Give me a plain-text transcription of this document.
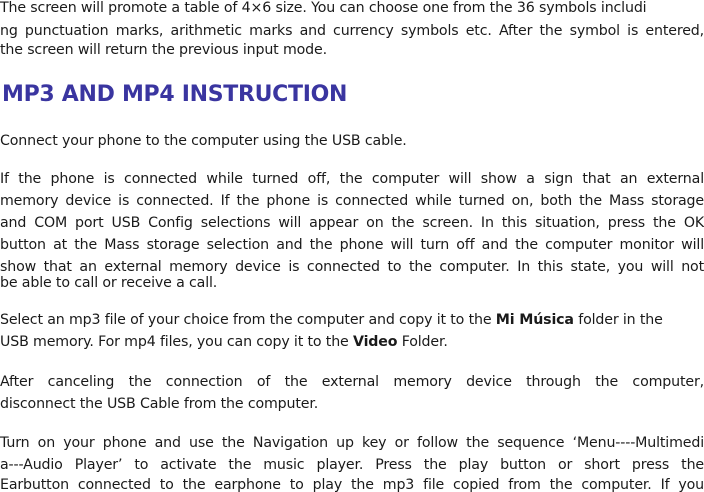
The screen will promote a table of 4×6 size. You can choose one from the 36 symbols includi
ng punctuation marks, arithmetic marks and currency symbols etc. After the symbol is entered,
the screen will return the previous input mode.
MP3 AND MP4 INSTRUCTION
Connect your phone to the computer using the USB cable.
If the phone is connected while turned off, the computer will show a sign that an external
memory device is connected. If the phone is connected while turned on, both the Mass storage
and COM port USB Config selections will appear on the screen. In this situation, press the OK
button at the Mass storage selection and the phone will turn off and the computer monitor will
show that an external memory device is connected to the computer. In this state, you will not
be able to call or receive a call.
Select an mp3 file of your choice from the computer and copy it to the Mi Música folder in the
USB memory. For mp4 files, you can copy it to the Video Folder.
After canceling the connection of the external memory device through the computer,
disconnect the USB Cable from the computer.
Turn on your phone and use the Navigation up key or follow the sequence ‘Menu----Multimedi
a---Audio Player’ to activate the music player. Press the play button or short press the
Earbutton connected to the earphone to play the mp3 file copied from the computer. If you
